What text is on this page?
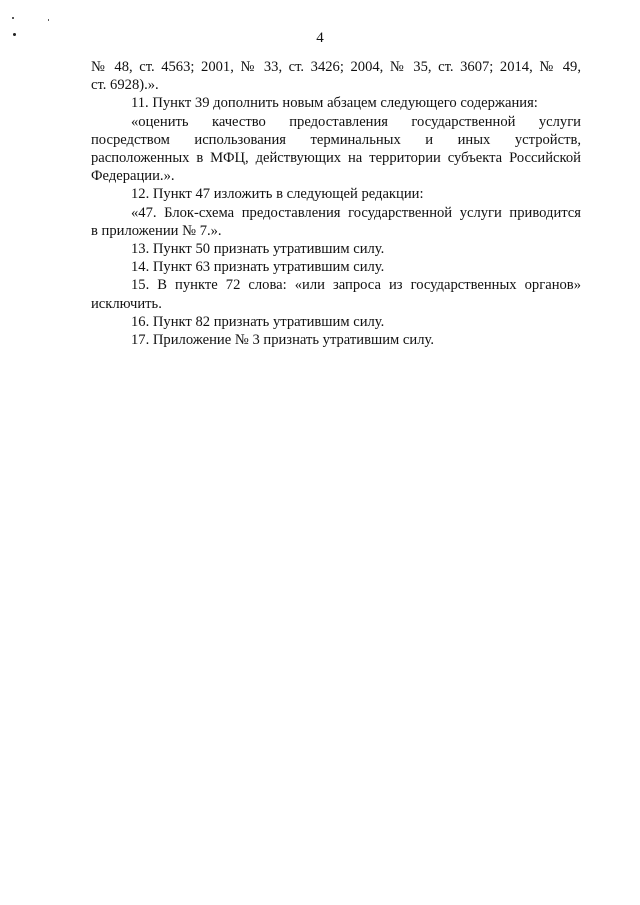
4

№ 48, ст. 4563; 2001, № 33, ст. 3426; 2004, № 35, ст. 3607; 2014, № 49,

ст. 6928).».

11. Пункт 39 дополнить новым абзацем следующего содержания:

«оценить качество предоставления государственной услуги

посредством использования терминальных и иных устройств,

расположенных в МФЦ, действующих на территории субъекта Российской

Федерации.».

12. Пункт 47 изложить в следующей редакции:

«47. Блок-схема предоставления государственной услуги приводится

в приложении № 7.».

13. Пункт 50 признать утратившим силу.

14. Пункт 63 признать утратившим силу.

15. В пункте 72 слова: «или запроса из государственных органов»

исключить.

16. Пункт 82 признать утратившим силу.

17. Приложение № 3 признать утратившим силу.
